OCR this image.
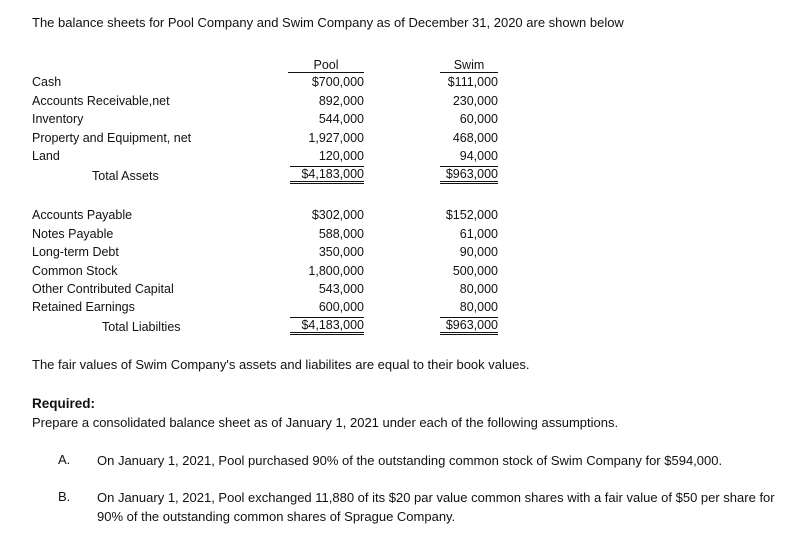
The balance sheets for Pool Company and Swim Company as of December 31, 2020 are shown below
Pool	Swim
Cash	$700,000	$111,000
Accounts Receivable,net	892,000	230,000
Inventory	544,000	60,000
Property and Equipment, net	1,927,000	468,000
Land	120,000	94,000
Total Assets	$4,183,000	$963,000
Accounts Payable	$302,000	$152,000
Notes Payable	588,000	61,000
Long-term Debt	350,000	90,000
Common Stock	1,800,000	500,000
Other Contributed Capital	543,000	80,000
Retained Earnings	600,000	80,000
Total Liabilties	$4,183,000	$963,000
The fair values of Swim Company's assets and liabilites are equal to their book values.
Required:
Prepare a consolidated balance sheet as of January 1, 2021 under each of the following assumptions.
A. On January 1, 2021, Pool purchased 90% of the outstanding common stock of Swim Company for $594,000.
B. On January 1, 2021, Pool exchanged 11,880 of its $20 par value common shares with a fair value of $50 per share for 90% of the outstanding common shares of Sprague Company.
